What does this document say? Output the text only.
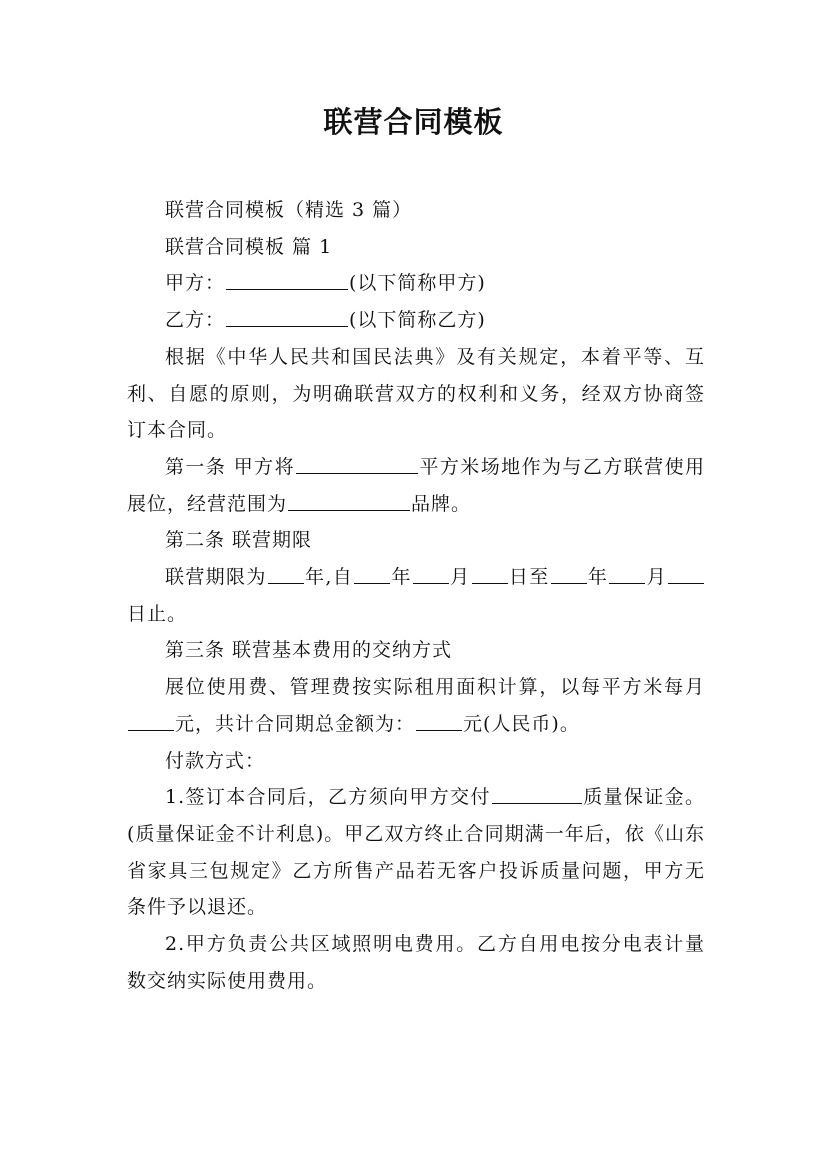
联营合同模板

联营合同模板（精选 3 篇）

联营合同模板 篇 1

甲方：	(以下简称甲方)

乙方：	(以下简称乙方)

根据《中华人民共和国民法典》及有关规定，本着平等、互利、自愿的原则，为明确联营双方的权利和义务，经双方协商签订本合同。

第一条 甲方将	平方米场地作为与乙方联营使用展位，经营范围为	品牌。

第二条 联营期限

联营期限为 年,自 年 月 日至 年 月日止。

第三条 联营基本费用的交纳方式

展位使用费、管理费按实际租用面积计算，以每平方米每月元，共计合同期总金额为：	元(人民币)。

付款方式：

1.签订本合同后，乙方须向甲方交付	质量保证金。(质量保证金不计利息)。甲乙双方终止合同期满一年后，依《山东省家具三包规定》乙方所售产品若无客户投诉质量问题，甲方无条件予以退还。

2.甲方负责公共区域照明电费用。乙方自用电按分电表计量数交纳实际使用费用。
